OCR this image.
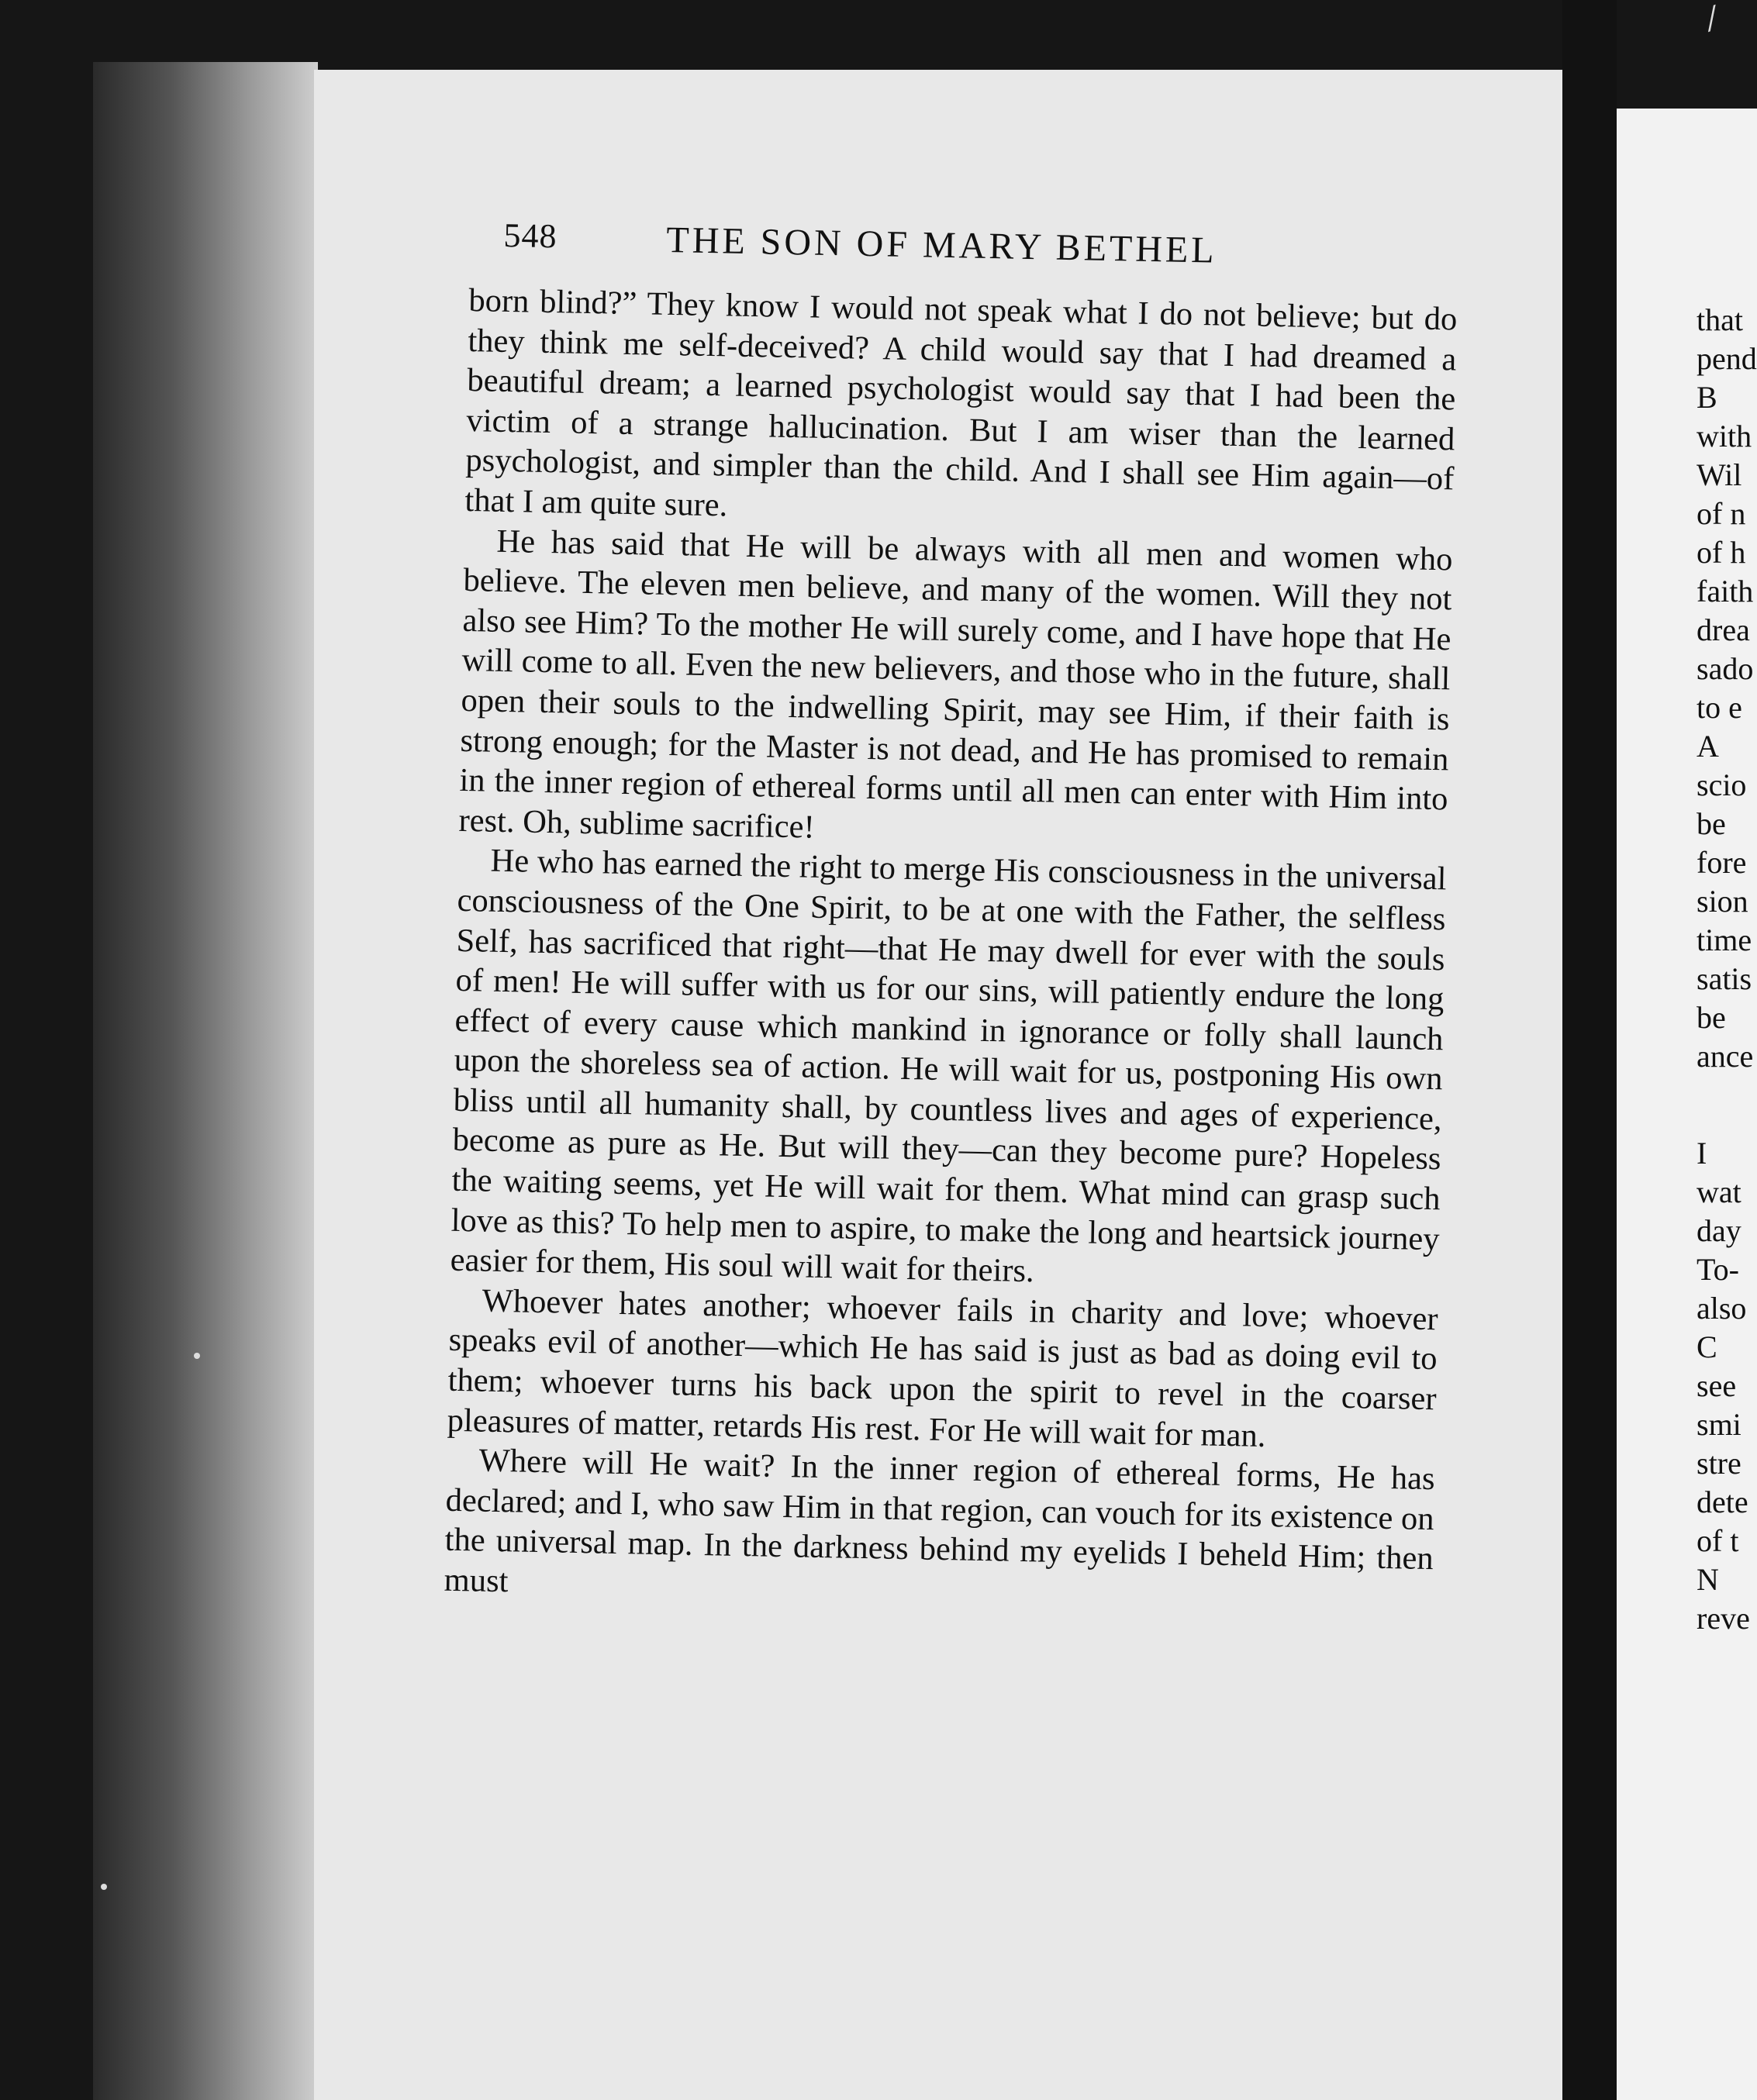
⁄
548	THE SON OF MARY BETHEL

born blind?” They know I would not speak what I do not believe; but do they think me self-deceived? A child would say that I had dreamed a beautiful dream; a learned psychologist would say that I had been the victim of a strange hallucination. But I am wiser than the learned psychologist, and simpler than the child. And I shall see Him again—of that I am quite sure.

He has said that He will be always with all men and women who believe. The eleven men believe, and many of the women. Will they not also see Him? To the mother He will surely come, and I have hope that He will come to all. Even the new believers, and those who in the future, shall open their souls to the indwelling Spirit, may see Him, if their faith is strong enough; for the Master is not dead, and He has promised to remain in the inner region of ethereal forms until all men can enter with Him into rest. Oh, sublime sacrifice!

He who has earned the right to merge His consciousness in the universal consciousness of the One Spirit, to be at one with the Father, the selfless Self, has sacrificed that right—that He may dwell for ever with the souls of men! He will suffer with us for our sins, will patiently endure the long effect of every cause which mankind in ignorance or folly shall launch upon the shoreless sea of action. He will wait for us, postponing His own bliss until all humanity shall, by countless lives and ages of experience, become as pure as He. But will they—can they become pure? Hopeless the waiting seems, yet He will wait for them. What mind can grasp such love as this? To help men to aspire, to make the long and heartsick journey easier for them, His soul will wait for theirs.

Whoever hates another; whoever fails in charity and love; whoever speaks evil of another—which He has said is just as bad as doing evil to them; whoever turns his back upon the spirit to revel in the coarser pleasures of matter, retards His rest. For He will wait for man.

Where will He wait? In the inner region of ethereal forms, He has declared; and I, who saw Him in that region, can vouch for its existence on the universal map. In the darkness behind my eyelids I beheld Him; then must

that
pend
B
with
Wil
of n
of h
faith
drea
sado
to e
A
scio
be
fore
sion
time
satis
be
ance
I
wat
day
To-
also
C
see
smi
stre
dete
of t
N
reve
